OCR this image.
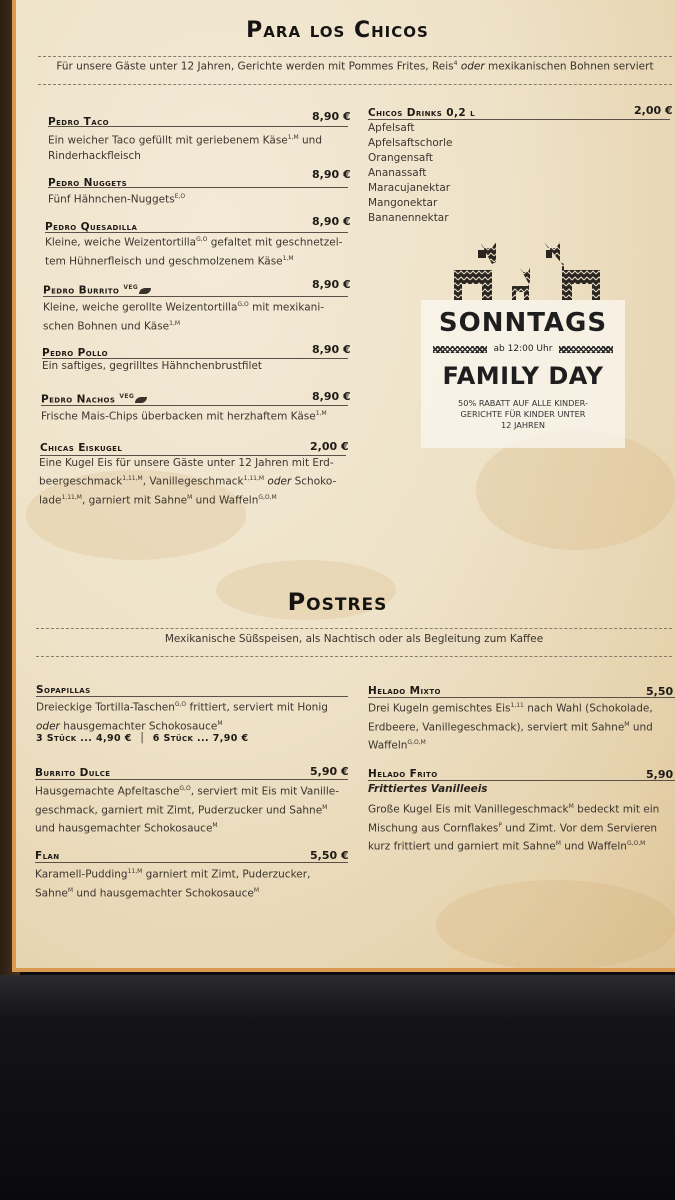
Para los Chicos
Für unsere Gäste unter 12 Jahren, Gerichte werden mit Pommes Frites, Reis$^4$ oder mexikanischen Bohnen serviert
8,90 €
Pedro Taco
Ein weicher Taco gefüllt mit geriebenem Käse$^{1,M}$ und
Rinderhackfleisch
8,90 €
Pedro Nuggets
Fünf Hähnchen-Nuggets$^{E,O}$
8,90 €
Pedro Quesadilla
Kleine, weiche Weizentortilla$^{G,O}$ gefaltet mit geschnetzel-
tem Hühnerfleisch und geschmolzenem Käse$^{1,M}$
8,90 €
Pedro Burrito $^{VEG}$
Kleine, weiche gerollte Weizentortilla$^{G,O}$ mit mexikani-
schen Bohnen und Käse$^{1,M}$
8,90 €
Pedro Pollo
Ein saftiges, gegrilltes Hähnchenbrustfilet
8,90 €
Pedro Nachos $^{VEG}$
Frische Mais-Chips überbacken mit herzhaftem Käse$^{1,M}$
2,00 €
Chicas Eiskugel
Eine Kugel Eis für unsere Gäste unter 12 Jahren mit Erd-
beergeschmack$^{1,11,M}$, Vanillegeschmack$^{1,11,M}$ oder Schoko-
lade$^{1,11,M}$, garniert mit Sahne$^M$ und Waffeln$^{G,O,M}$
2,00 €
Chicos Drinks 0,2 l
Apfelsaft
Apfelsaftschorle
Orangensaft
Ananassaft
Maracujanektar
Mangonektar
Bananennektar
SONNTAGS
ab 12:00 Uhr
FAMILY DAY
50% RABATT AUF ALLE KINDER-
GERICHTE FÜR KINDER UNTER
12 JAHREN
Postres
Mexikanische Süßspeisen, als Nachtisch oder als Begleitung zum Kaffee
Sopapillas
Dreieckige Tortilla-Taschen$^{G,O}$ frittiert, serviert mit Honig
oder hausgemachter Schokosauce$^M$
3 Stück ... 4,90 €  │  6 Stück ... 7,90 €
5,90 €
Burrito Dulce
Hausgemachte Apfeltasche$^{G,O}$, serviert mit Eis mit Vanille-
geschmack, garniert mit Zimt, Puderzucker und Sahne$^M$
und hausgemachter Schokosauce$^M$
5,50 €
Flan
Karamell-Pudding$^{11,M}$ garniert mit Zimt, Puderzucker,
Sahne$^M$ und hausgemachter Schokosauce$^M$
5,50
Helado Mixto
Drei Kugeln gemischtes Eis$^{1,11}$ nach Wahl (Schokolade,
Erdbeere, Vanillegeschmack), serviert mit Sahne$^M$ und
Waffeln$^{G,O,M}$
5,90
Helado Frito
Frittiertes Vanilleeis
Große Kugel Eis mit Vanillegeschmack$^M$ bedeckt mit ein
Mischung aus Cornflakes$^P$ und Zimt. Vor dem Servieren
kurz frittiert und garniert mit Sahne$^M$ und Waffeln$^{G,O,M}$
